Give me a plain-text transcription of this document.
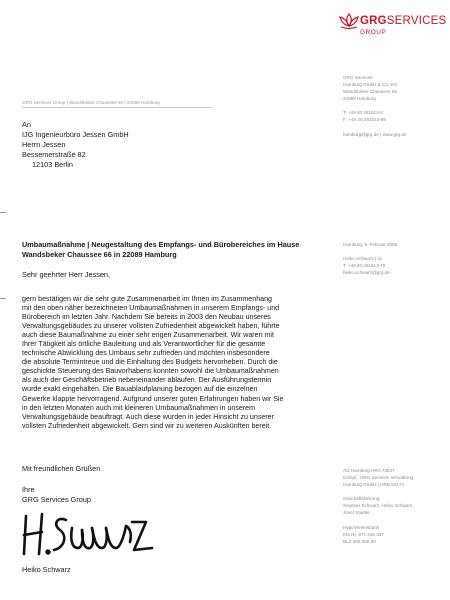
GRGSERVICES
GROUP
GRG Services Group | Wandsbeker Chaussee 66 | 22089 Hamburg
An
IJG Ingenieurbüro Jessen GmbH
Herrn Jessen
Bessemerstraße 82
12103 Berlin
GRG Services
Hamburg GmbH & Co. KG
Wandsbeker Chaussee 66
22089 Hamburg
T: +49 40 251513-0
F: +49 40 251513-69
hamburg@grg.de | www.grg.de
Hamburg, 5. Februar 2009
Heiko Schwarz | sz
T: +49 40 251513-70
heiko.schwarz@grg.de
AG Hamburg HRA 73647
Kompl.: GRG Services Verwaltung
Hamburg GmbH | HRB 59174
Geschäftsführung:
Stephan Schwarz, Heiko Schwarz,
Josef Stadler
HypoVereinsbank
Kto.Nr. 677 446 337
BLZ 200 300 00
Umbaumaßnahme | Neugestaltung des Empfangs- und Bürobereiches im Hause
Wandsbeker Chaussee 66 in 22089 Hamburg
Sehr geehrter Herr Jessen,
gern bestätigen wir die sehr gute Zusammenarbeit im Ihnen im Zusammenhang
mit den oben näher bezeichneten Umbaumaßnahmen in unserem Empfangs- und
Bürobereich im letzten Jahr. Nachdem Sie bereits in 2003 den Neubau unseres
Verwaltungsgebäudes zu unserer vollsten Zufriedenheit abgewickelt haben, führte
auch diese Baumaßnahme zu einer sehr engen Zusammenarbeit. Wir waren mit
Ihrer Tätigkeit als örtliche Bauleitung und als Verantwortlicher für die gesamte
technische Abwicklung des Umbaus sehr zufrieden und möchten insbesondere
die absolute Termintreue und die Einhaltung des Budgets hervorheben. Durch die
geschickte Steuerung des Bauvorhabens konnten sowohl die Umbaumaßnahmen
als auch der Geschäftsbetrieb nebeneinander ablaufen. Der Ausführungstermin
wurde exakt eingehalten. Die Bauablaufplanung bezogen auf die einzelnen
Gewerke klappte hervorragend. Aufgrund unserer guten Erfahrungen haben wir Sie
in den letzten Monaten auch mit kleineren Umbaumaßnahmen in unserem
Verwaltungsgebäude beauftragt. Auch diese wurden in jeder Hinsicht zu unserer
vollsten Zufriedenheit abgewickelt. Gern sind wir zu weiteren Auskünften bereit.
Mit freundlichen Grüßen
Ihre
GRG Services Group
Heiko Schwarz
